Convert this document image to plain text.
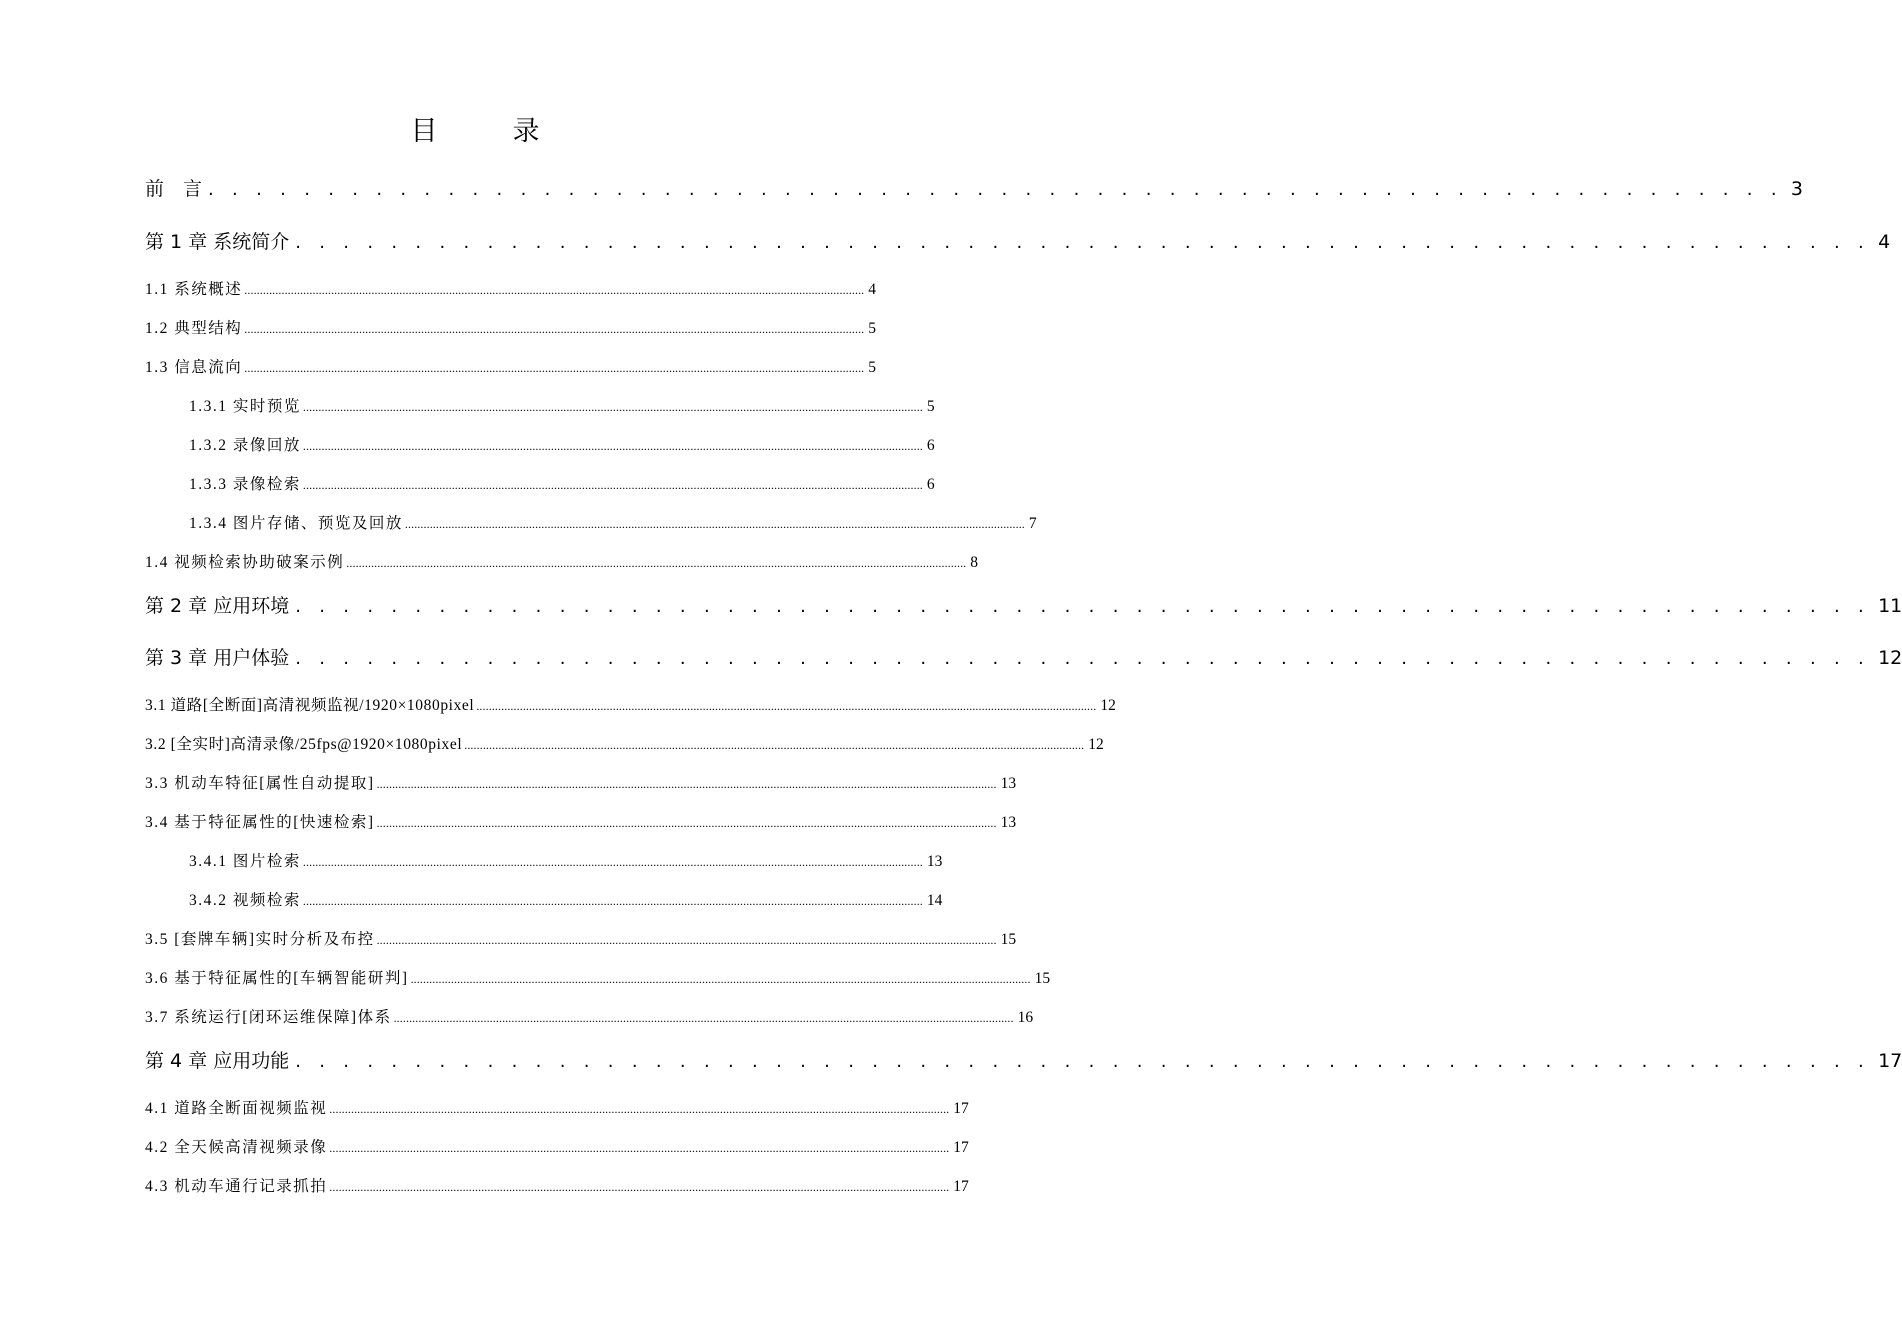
目　录
前　言 . . . . . . . . . . . . . . . . . . . . . . . . . . . . . . . . . . . . . . . . . . . . . . . . . . . . . . . . . . . . . . . . . . 3
第 1 章 系统简介 . . . . . . . . . . . . . . . . . . . . . . . . . . . . . . . . . . . . . . . . . . . . . . . . . . . . . . . . . . . . . . . . . . 4
1.1 系统概述 ........................................................................................................................................................................................................ 4
1.2 典型结构 ........................................................................................................................................................................................................ 5
1.3 信息流向 ........................................................................................................................................................................................................ 5
1.3.1 实时预览 ........................................................................................................................................................................................................ 5
1.3.2 录像回放 ........................................................................................................................................................................................................ 6
1.3.3 录像检索 ........................................................................................................................................................................................................ 6
1.3.4 图片存储、预览及回放 ........................................................................................................................................................................................................ 7
1.4 视频检索协助破案示例 ........................................................................................................................................................................................................ 8
第 2 章 应用环境 . . . . . . . . . . . . . . . . . . . . . . . . . . . . . . . . . . . . . . . . . . . . . . . . . . . . . . . . . . . . . . . . . . 11
第 3 章 用户体验 . . . . . . . . . . . . . . . . . . . . . . . . . . . . . . . . . . . . . . . . . . . . . . . . . . . . . . . . . . . . . . . . . . 12
3.1 道路[全断面]高清视频监视/1920×1080pixel ........................................................................................................................................................................................................ 12
3.2 [全实时]高清录像/25fps@1920×1080pixel ........................................................................................................................................................................................................ 12
3.3 机动车特征[属性自动提取] ........................................................................................................................................................................................................ 13
3.4 基于特征属性的[快速检索] ........................................................................................................................................................................................................ 13
3.4.1 图片检索 ........................................................................................................................................................................................................ 13
3.4.2 视频检索 ........................................................................................................................................................................................................ 14
3.5 [套牌车辆]实时分析及布控 ........................................................................................................................................................................................................ 15
3.6 基于特征属性的[车辆智能研判] ........................................................................................................................................................................................................ 15
3.7 系统运行[闭环运维保障]体系 ........................................................................................................................................................................................................ 16
第 4 章 应用功能 . . . . . . . . . . . . . . . . . . . . . . . . . . . . . . . . . . . . . . . . . . . . . . . . . . . . . . . . . . . . . . . . . . 17
4.1 道路全断面视频监视 ........................................................................................................................................................................................................ 17
4.2 全天候高清视频录像 ........................................................................................................................................................................................................ 17
4.3 机动车通行记录抓拍 ........................................................................................................................................................................................................ 17
